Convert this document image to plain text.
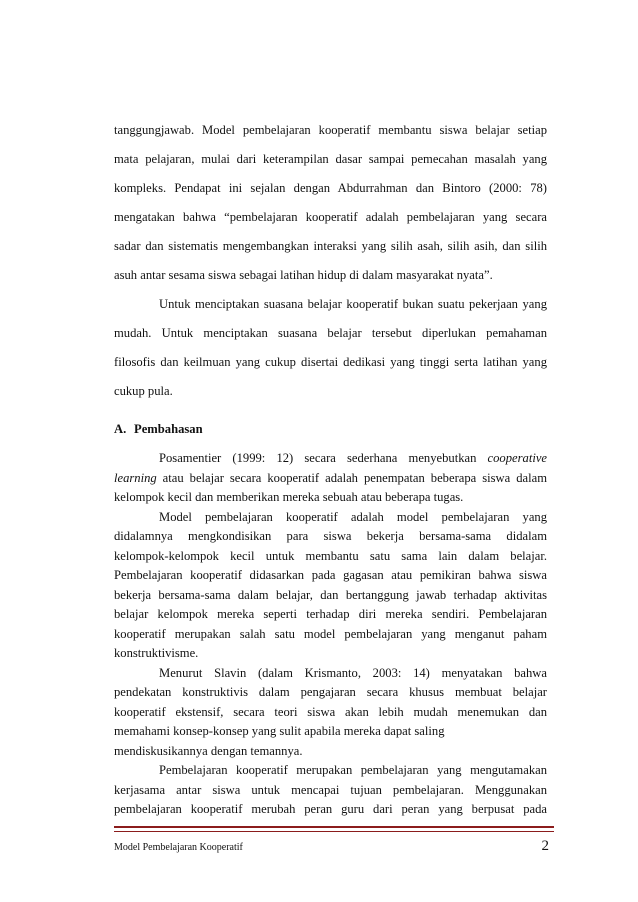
tanggungjawab. Model pembelajaran kooperatif membantu siswa belajar setiap
mata pelajaran, mulai dari keterampilan dasar sampai pemecahan masalah yang
kompleks. Pendapat ini sejalan dengan Abdurrahman dan Bintoro (2000: 78)
mengatakan bahwa “pembelajaran kooperatif adalah pembelajaran yang secara
sadar dan sistematis mengembangkan interaksi yang silih asah, silih asih, dan silih
asuh antar sesama siswa sebagai latihan hidup di dalam masyarakat nyata”.
Untuk menciptakan suasana belajar kooperatif bukan suatu pekerjaan yang
mudah. Untuk menciptakan suasana belajar tersebut diperlukan pemahaman
filosofis dan keilmuan yang cukup disertai dedikasi yang tinggi serta latihan yang
cukup pula.
A. Pembahasan
Posamentier (1999: 12) secara sederhana menyebutkan cooperative
learning atau belajar secara kooperatif adalah penempatan beberapa siswa dalam
kelompok kecil dan memberikan mereka sebuah atau beberapa tugas.
Model pembelajaran kooperatif adalah model pembelajaran yang
didalamnya mengkondisikan para siswa bekerja bersama-sama didalam
kelompok-kelompok kecil untuk membantu satu sama lain dalam belajar.
Pembelajaran kooperatif didasarkan pada gagasan atau pemikiran bahwa siswa
bekerja bersama-sama dalam belajar, dan bertanggung jawab terhadap aktivitas
belajar kelompok mereka seperti terhadap diri mereka sendiri. Pembelajaran
kooperatif merupakan salah satu model pembelajaran yang menganut paham
konstruktivisme.
Menurut Slavin (dalam Krismanto, 2003: 14) menyatakan bahwa
pendekatan konstruktivis dalam pengajaran secara khusus membuat belajar
Model Pembelajaran Kooperatif	2
kooperatif ekstensif, secara teori siswa akan lebih mudah menemukan dan
memahami konsep-konsep yang sulit apabila mereka dapat saling
mendiskusikannya dengan temannya.
Pembelajaran kooperatif merupakan pembelajaran yang mengutamakan
kerjasama antar siswa untuk mencapai tujuan pembelajaran. Menggunakan
pembelajaran kooperatif merubah peran guru dari peran yang berpusat pada
